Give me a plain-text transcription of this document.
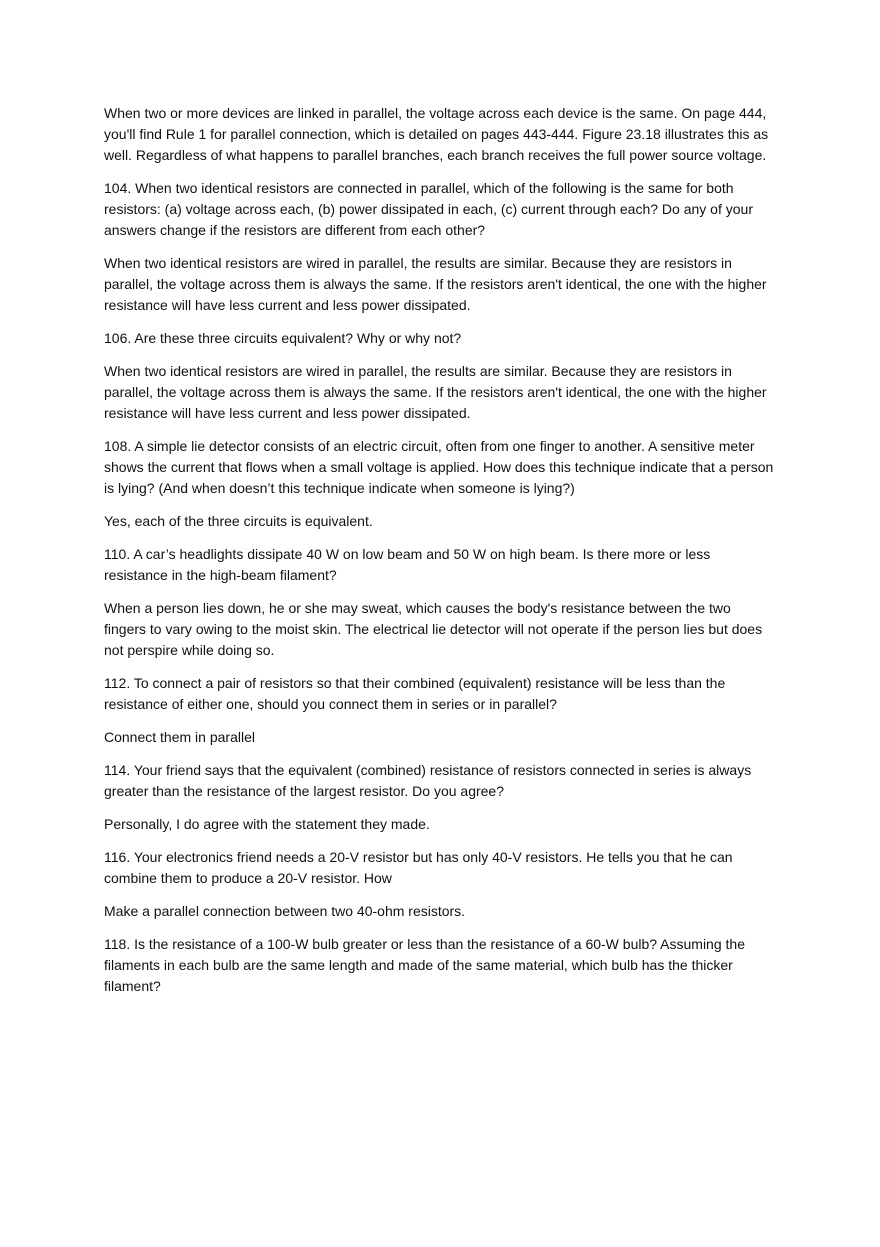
When two or more devices are linked in parallel, the voltage across each device is the same. On page 444, you'll find Rule 1 for parallel connection, which is detailed on pages 443-444. Figure 23.18 illustrates this as well. Regardless of what happens to parallel branches, each branch receives the full power source voltage.

104. When two identical resistors are connected in parallel, which of the following is the same for both resistors: (a) voltage across each, (b) power dissipated in each, (c) current through each? Do any of your answers change if the resistors are different from each other?

When two identical resistors are wired in parallel, the results are similar. Because they are resistors in parallel, the voltage across them is always the same. If the resistors aren't identical, the one with the higher resistance will have less current and less power dissipated.

106. Are these three circuits equivalent? Why or why not?

When two identical resistors are wired in parallel, the results are similar. Because they are resistors in parallel, the voltage across them is always the same. If the resistors aren't identical, the one with the higher resistance will have less current and less power dissipated.

108. A simple lie detector consists of an electric circuit, often from one finger to another. A sensitive meter shows the current that flows when a small voltage is applied. How does this technique indicate that a person is lying? (And when doesn’t this technique indicate when someone is lying?)

Yes, each of the three circuits is equivalent.

110. A car’s headlights dissipate 40 W on low beam and 50 W on high beam. Is there more or less resistance in the high-beam filament?

When a person lies down, he or she may sweat, which causes the body's resistance between the two fingers to vary owing to the moist skin. The electrical lie detector will not operate if the person lies but does not perspire while doing so.

112. To connect a pair of resistors so that their combined (equivalent) resistance will be less than the resistance of either one, should you connect them in series or in parallel?

Connect them in parallel

114. Your friend says that the equivalent (combined) resistance of resistors connected in series is always greater than the resistance of the largest resistor. Do you agree?

Personally, I do agree with the statement they made.

116. Your electronics friend needs a 20-V resistor but has only 40-V resistors. He tells you that he can combine them to produce a 20-V resistor. How

Make a parallel connection between two 40-ohm resistors.

118. Is the resistance of a 100-W bulb greater or less than the resistance of a 60-W bulb? Assuming the filaments in each bulb are the same length and made of the same material, which bulb has the thicker filament?
